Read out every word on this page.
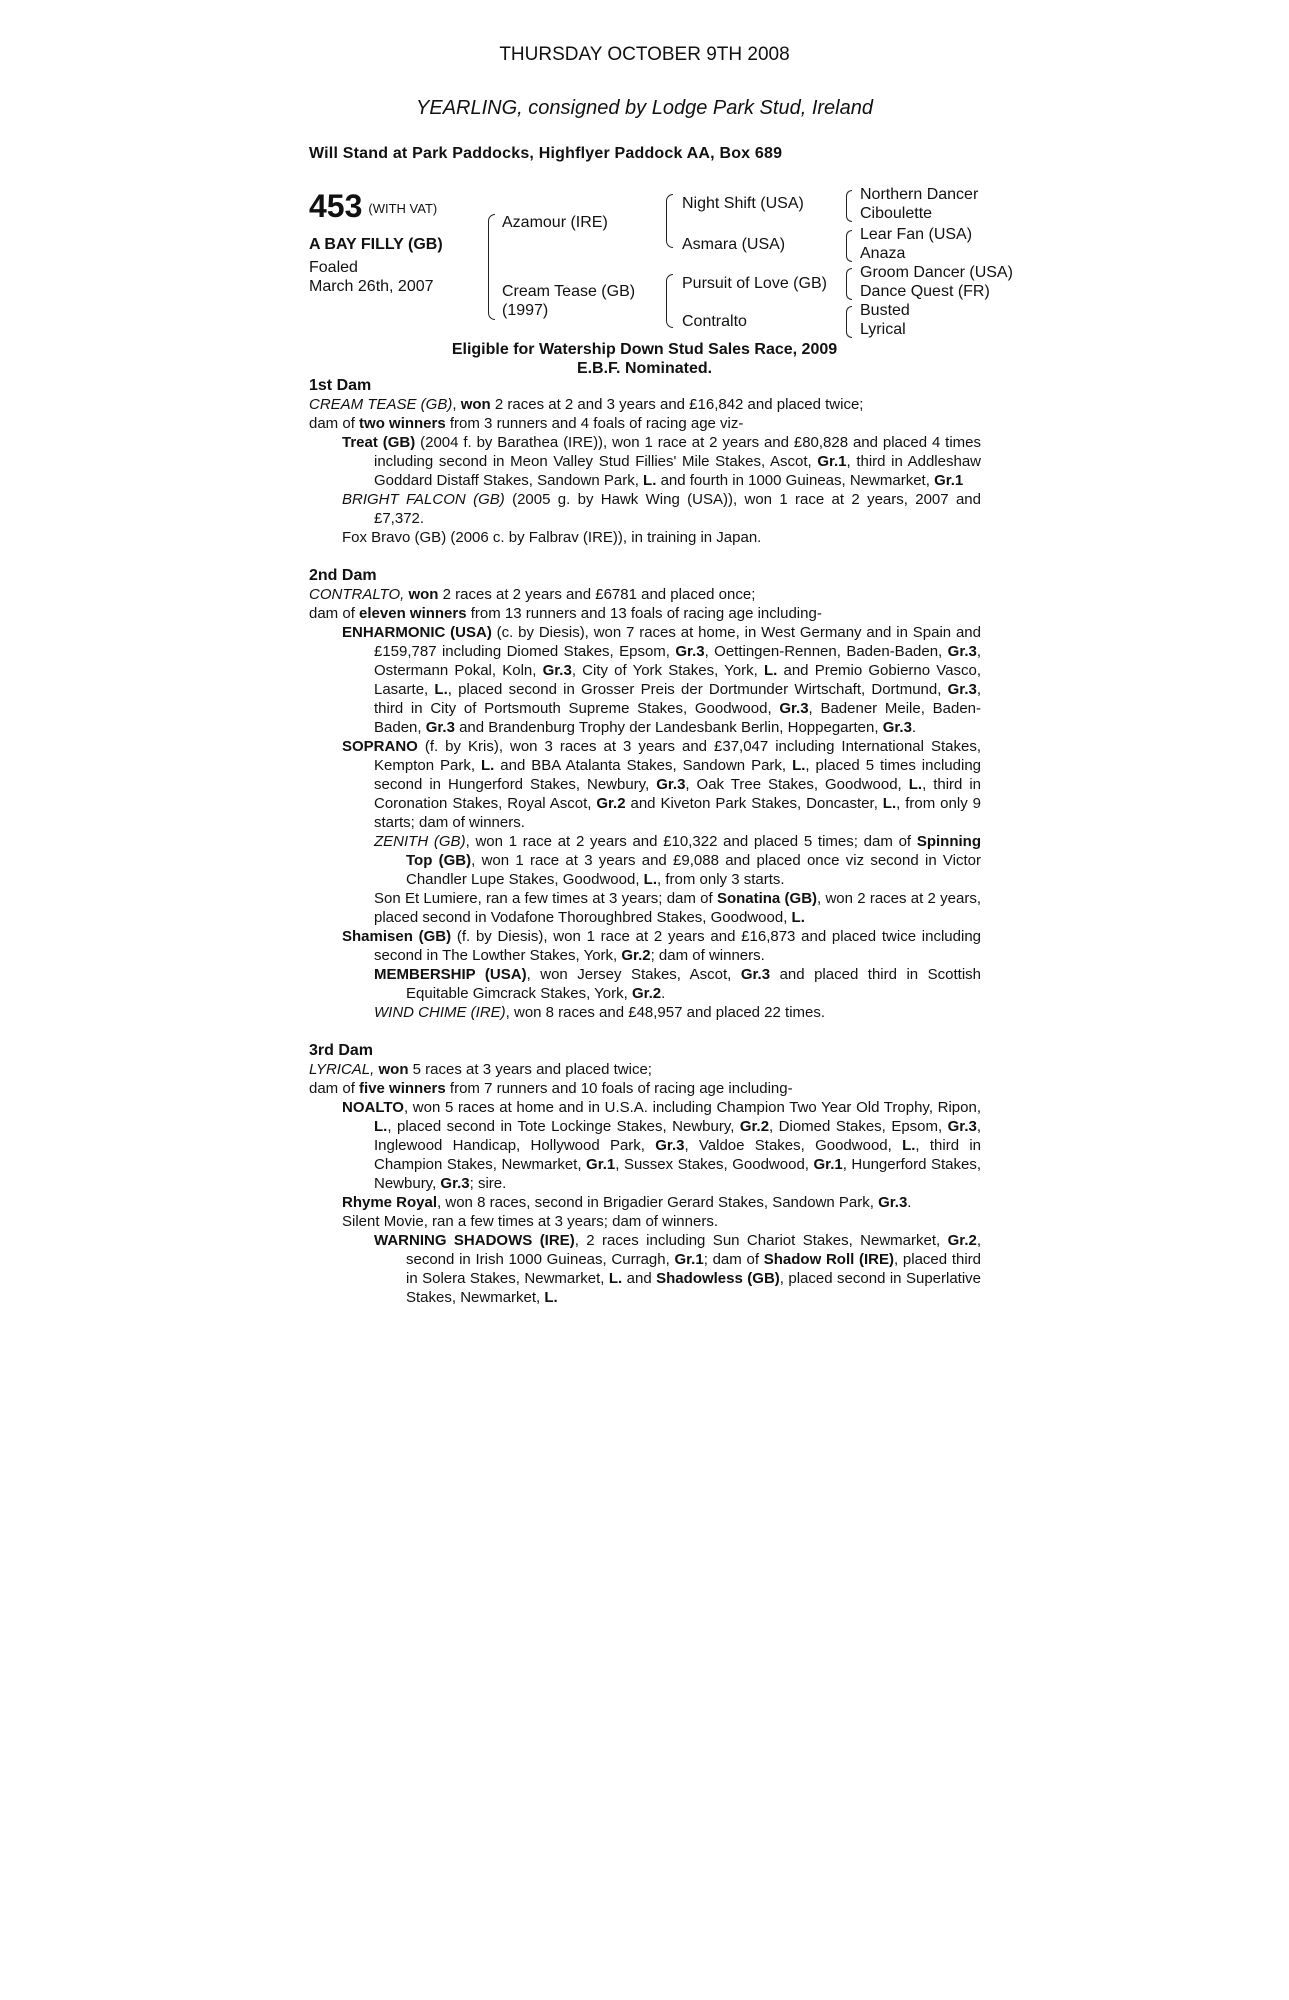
THURSDAY OCTOBER 9TH 2008
YEARLING, consigned by Lodge Park Stud, Ireland
Will Stand at Park Paddocks, Highflyer Paddock AA, Box 689
453 (WITH VAT)
A BAY FILLY (GB)
Foaled
March 26th, 2007
Azamour (IRE)
Cream Tease (GB)
(1997)
Night Shift (USA)
Asmara (USA)
Pursuit of Love (GB)
Contralto
Northern Dancer
Ciboulette
Lear Fan (USA)
Anaza
Groom Dancer (USA)
Dance Quest (FR)
Busted
Lyrical
Eligible for Watership Down Stud Sales Race, 2009
E.B.F. Nominated.

1st Dam

CREAM TEASE (GB), won 2 races at 2 and 3 years and £16,842 and placed twice;

dam of two winners from 3 runners and 4 foals of racing age viz-

Treat (GB) (2004 f. by Barathea (IRE)), won 1 race at 2 years and £80,828 and placed 4 times including second in Meon Valley Stud Fillies' Mile Stakes, Ascot, Gr.1, third in Addleshaw Goddard Distaff Stakes, Sandown Park, L. and fourth in 1000 Guineas, Newmarket, Gr.1

BRIGHT FALCON (GB) (2005 g. by Hawk Wing (USA)), won 1 race at 2 years, 2007 and £7,372.

Fox Bravo (GB) (2006 c. by Falbrav (IRE)), in training in Japan.

2nd Dam

CONTRALTO, won 2 races at 2 years and £6781 and placed once;

dam of eleven winners from 13 runners and 13 foals of racing age including-

ENHARMONIC (USA) (c. by Diesis), won 7 races at home, in West Germany and in Spain and £159,787 including Diomed Stakes, Epsom, Gr.3, Oettingen-Rennen, Baden-Baden, Gr.3, Ostermann Pokal, Koln, Gr.3, City of York Stakes, York, L. and Premio Gobierno Vasco, Lasarte, L., placed second in Grosser Preis der Dortmunder Wirtschaft, Dortmund, Gr.3, third in City of Portsmouth Supreme Stakes, Goodwood, Gr.3, Badener Meile, Baden-Baden, Gr.3 and Brandenburg Trophy der Landesbank Berlin, Hoppegarten, Gr.3.

SOPRANO (f. by Kris), won 3 races at 3 years and £37,047 including International Stakes, Kempton Park, L. and BBA Atalanta Stakes, Sandown Park, L., placed 5 times including second in Hungerford Stakes, Newbury, Gr.3, Oak Tree Stakes, Goodwood, L., third in Coronation Stakes, Royal Ascot, Gr.2 and Kiveton Park Stakes, Doncaster, L., from only 9 starts; dam of winners.

ZENITH (GB), won 1 race at 2 years and £10,322 and placed 5 times; dam of Spinning Top (GB), won 1 race at 3 years and £9,088 and placed once viz second in Victor Chandler Lupe Stakes, Goodwood, L., from only 3 starts.

Son Et Lumiere, ran a few times at 3 years; dam of Sonatina (GB), won 2 races at 2 years, placed second in Vodafone Thoroughbred Stakes, Goodwood, L.

Shamisen (GB) (f. by Diesis), won 1 race at 2 years and £16,873 and placed twice including second in The Lowther Stakes, York, Gr.2; dam of winners.

MEMBERSHIP (USA), won Jersey Stakes, Ascot, Gr.3 and placed third in Scottish Equitable Gimcrack Stakes, York, Gr.2.

WIND CHIME (IRE), won 8 races and £48,957 and placed 22 times.

3rd Dam

LYRICAL, won 5 races at 3 years and placed twice;

dam of five winners from 7 runners and 10 foals of racing age including-

NOALTO, won 5 races at home and in U.S.A. including Champion Two Year Old Trophy, Ripon, L., placed second in Tote Lockinge Stakes, Newbury, Gr.2, Diomed Stakes, Epsom, Gr.3, Inglewood Handicap, Hollywood Park, Gr.3, Valdoe Stakes, Goodwood, L., third in Champion Stakes, Newmarket, Gr.1, Sussex Stakes, Goodwood, Gr.1, Hungerford Stakes, Newbury, Gr.3; sire.

Rhyme Royal, won 8 races, second in Brigadier Gerard Stakes, Sandown Park, Gr.3.

Silent Movie, ran a few times at 3 years; dam of winners.

WARNING SHADOWS (IRE), 2 races including Sun Chariot Stakes, Newmarket, Gr.2, second in Irish 1000 Guineas, Curragh, Gr.1; dam of Shadow Roll (IRE), placed third in Solera Stakes, Newmarket, L. and Shadowless (GB), placed second in Superlative Stakes, Newmarket, L.
